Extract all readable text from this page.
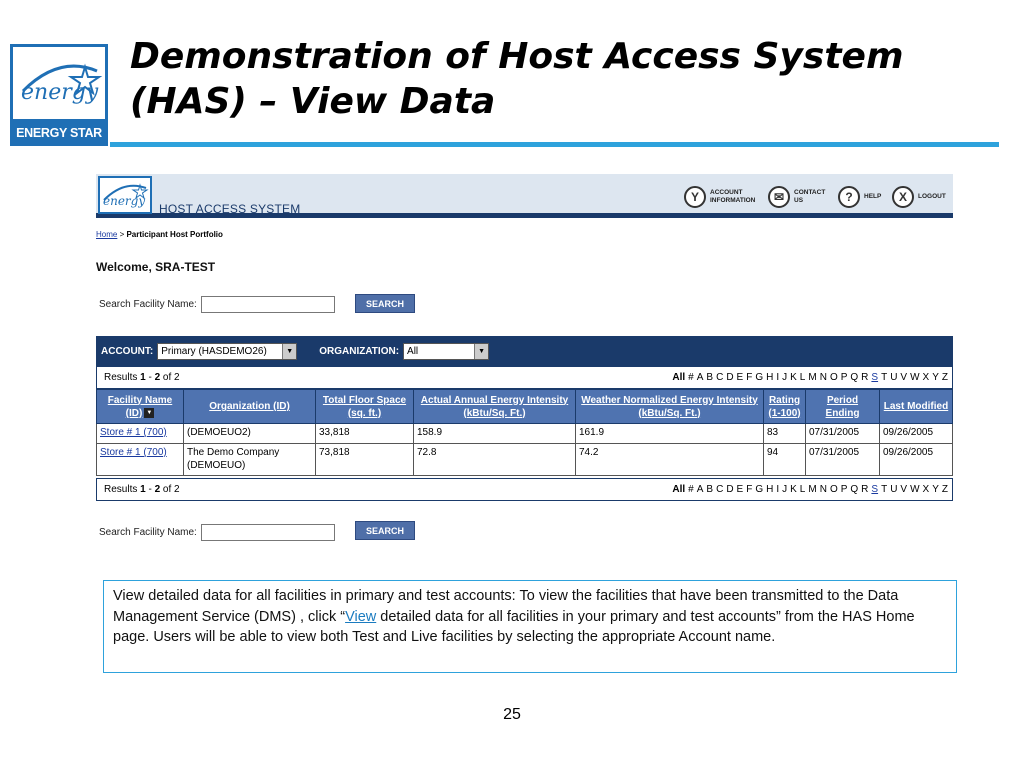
energy
ENERGY STAR
Demonstration of Host Access System (HAS) – View Data
energy
HOST ACCESS SYSTEM
Y	ACCOUNT
INFORMATION	✉	CONTACT
US	?	HELP	X	LOGOUT
Home > Participant Host Portfolio
Welcome, SRA-TEST
Search Facility Name:	SEARCH
ACCOUNT: Primary (HASDEMO26)	▼	ORGANIZATION: All	▼
Results 1 - 2 of 2	All # A B C D E F G H I J K L M N O P Q R S T U V W X Y Z
Facility Name (ID) ▼	Organization (ID)	Total Floor Space (sq. ft.)	Actual Annual Energy Intensity (kBtu/Sq. Ft.)	Weather Normalized Energy Intensity (kBtu/Sq. Ft.)	Rating (1-100)	Period Ending	Last Modified
Store # 1 (700)	(DEMOEUO2)	33,818	158.9	161.9	83	07/31/2005	09/26/2005
Store # 1 (700)	The Demo Company (DEMOEUO)	73,818	72.8	74.2	94	07/31/2005	09/26/2005
Results 1 - 2 of 2	All # A B C D E F G H I J K L M N O P Q R S T U V W X Y Z
Search Facility Name:	SEARCH
View detailed data for all facilities in primary and test accounts: To view the facilities that have been transmitted to the Data Management Service (DMS) , click “View detailed data for all facilities in your primary and test accounts” from the HAS Home page. Users will be able to view both Test and Live facilities by selecting the appropriate Account name.
25
